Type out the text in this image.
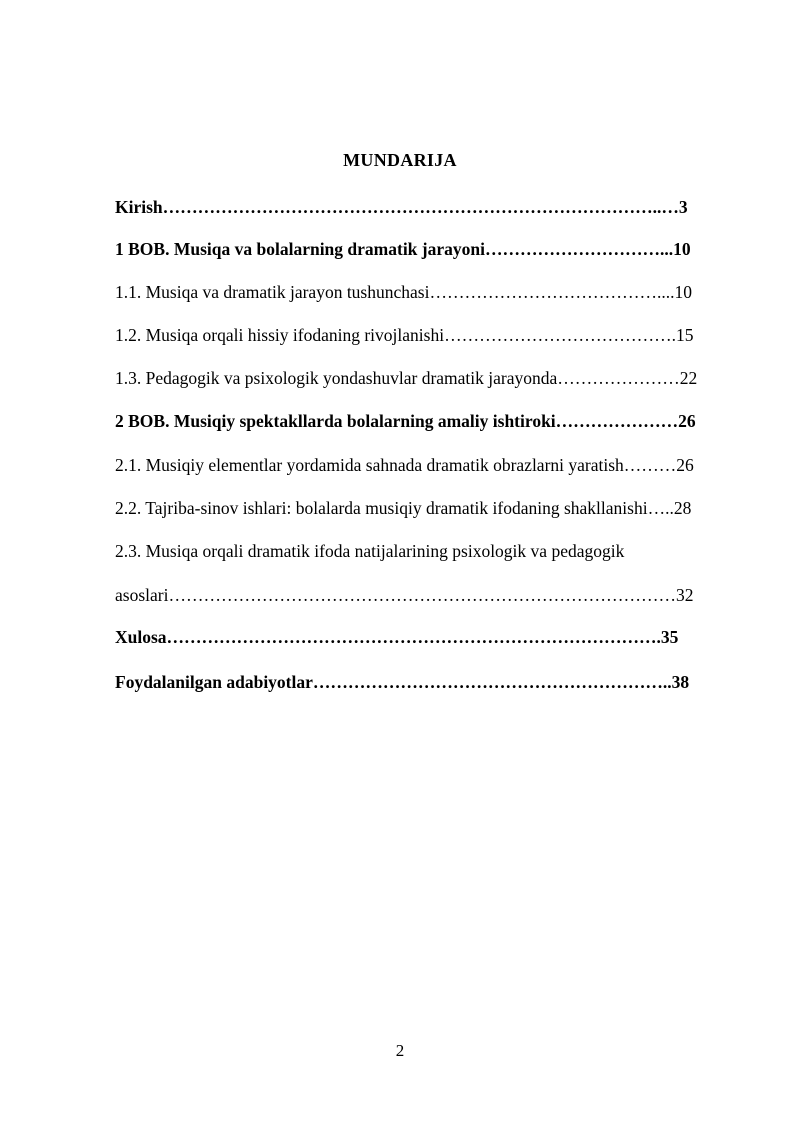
MUNDARIJA
Kirish…………………………………………………………………………..…3
1 BOB. Musiqa va bolalarning dramatik jarayoni…………………………...10
1.1. Musiqa va dramatik jarayon tushunchasi…………………………………....10
1.2. Musiqa orqali hissiy ifodaning rivojlanishi………………………………….15
1.3. Pedagogik va psixologik yondashuvlar dramatik jarayonda…………………22
2 BOB. Musiqiy spektakllarda bolalarning amaliy ishtiroki…………………26
2.1. Musiqiy elementlar yordamida sahnada dramatik obrazlarni yaratish………26
2.2. Tajriba-sinov ishlari: bolalarda musiqiy dramatik ifodaning shakllanishi…..28
2.3. Musiqa orqali dramatik ifoda natijalarining psixologik va pedagogik
asoslari……………………………………………………………………………32
Xulosa………………………………………………………………………….35
Foydalanilgan adabiyotlar……………………………………………………..38
2
